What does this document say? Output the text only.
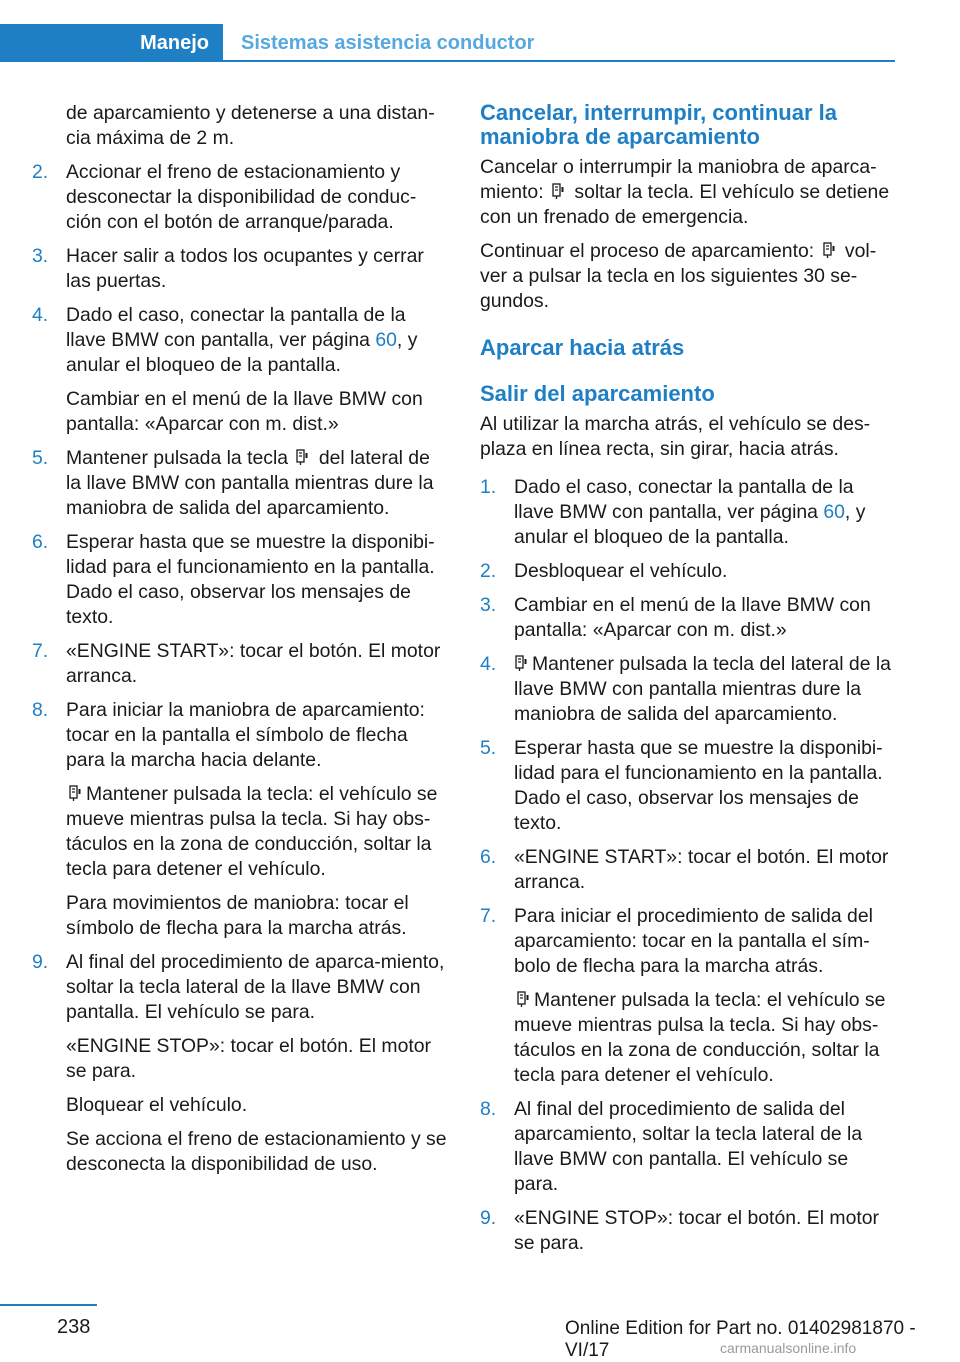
Manejo Sistemas asistencia conductor
de aparcamiento y detenerse a una distan‐cia máxima de 2 m.
2. Accionar el freno de estacionamiento y desconectar la disponibilidad de conduc‐ción con el botón de arranque/parada.
3. Hacer salir a todos los ocupantes y cerrar las puertas.
4. Dado el caso, conectar la pantalla de la llave BMW con pantalla, ver página 60, y anular el bloqueo de la pantalla.
Cambiar en el menú de la llave BMW con pantalla: «Aparcar con m. dist.»
5. Mantener pulsada la tecla  del lateral de la llave BMW con pantalla mientras dure la maniobra de salida del aparcamiento.
6. Esperar hasta que se muestre la disponibi‐lidad para el funcionamiento en la pantalla. Dado el caso, observar los mensajes de texto.
7. «ENGINE START»: tocar el botón. El motor arranca.
8. Para iniciar la maniobra de aparcamiento: tocar en la pantalla el símbolo de flecha para la marcha hacia delante.
Mantener pulsada la tecla: el vehículo se mueve mientras pulsa la tecla. Si hay obs‐táculos en la zona de conducción, soltar la tecla para detener el vehículo.
Para movimientos de maniobra: tocar el símbolo de flecha para la marcha atrás.
9. Al final del procedimiento de aparca‐miento, soltar la tecla lateral de la llave BMW con pantalla. El vehículo se para.
«ENGINE STOP»: tocar el botón. El motor se para.
Bloquear el vehículo.
Se acciona el freno de estacionamiento y se desconecta la disponibilidad de uso.
Cancelar, interrumpir, continuar la maniobra de aparcamiento
Cancelar o interrumpir la maniobra de aparca‐miento:  soltar la tecla. El vehículo se detiene con un frenado de emergencia.
Continuar el proceso de aparcamiento:  vol‐ver a pulsar la tecla en los siguientes 30 se‐gundos.
Aparcar hacia atrás
Salir del aparcamiento
Al utilizar la marcha atrás, el vehículo se des‐plaza en línea recta, sin girar, hacia atrás.
1. Dado el caso, conectar la pantalla de la llave BMW con pantalla, ver página 60, y anular el bloqueo de la pantalla.
2. Desbloquear el vehículo.
3. Cambiar en el menú de la llave BMW con pantalla: «Aparcar con m. dist.»
4. Mantener pulsada la tecla del lateral de la llave BMW con pantalla mientras dure la maniobra de salida del aparcamiento.
5. Esperar hasta que se muestre la disponibi‐lidad para el funcionamiento en la pantalla. Dado el caso, observar los mensajes de texto.
6. «ENGINE START»: tocar el botón. El motor arranca.
7. Para iniciar el procedimiento de salida del aparcamiento: tocar en la pantalla el sím‐bolo de flecha para la marcha atrás.
Mantener pulsada la tecla: el vehículo se mueve mientras pulsa la tecla. Si hay obs‐táculos en la zona de conducción, soltar la tecla para detener el vehículo.
8. Al final del procedimiento de salida del aparcamiento, soltar la tecla lateral de la llave BMW con pantalla. El vehículo se para.
9. «ENGINE STOP»: tocar el botón. El motor se para.
238	Online Edition for Part no. 01402981870 - VI/17	carmanualsonline.info
